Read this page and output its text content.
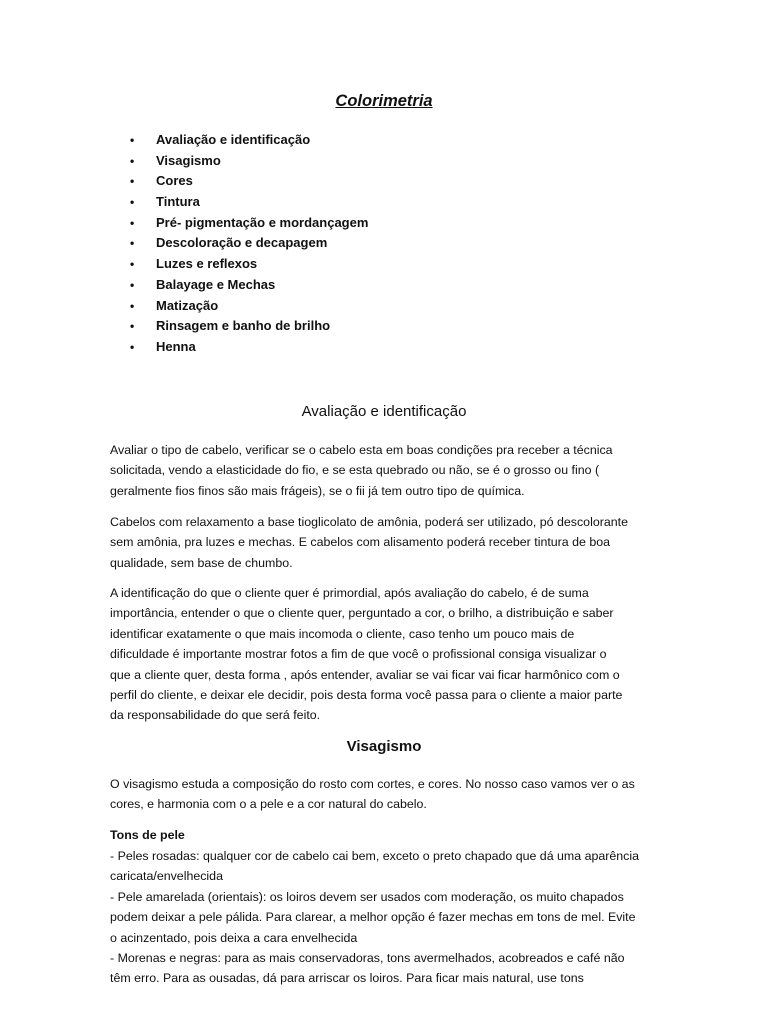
Colorimetria
• Avaliação e identificação
• Visagismo
• Cores
• Tintura
• Pré- pigmentação e mordançagem
• Descoloração e decapagem
• Luzes e reflexos
• Balayage e Mechas
• Matização
• Rinsagem e banho de brilho
• Henna
Avaliação e identificação
Avaliar o tipo de cabelo, verificar se o cabelo esta em boas condições pra receber a técnica
solicitada, vendo a elasticidade do fio, e se esta quebrado ou não, se é o grosso ou fino (
geralmente fios finos são mais frágeis), se o fii já tem outro tipo de química.
Cabelos com relaxamento a base tioglicolato de amônia, poderá ser utilizado, pó descolorante
sem amônia, pra luzes e mechas. E cabelos com alisamento poderá receber tintura de boa
qualidade, sem base de chumbo.
A identificação do que o cliente quer é primordial, após avaliação do cabelo, é de suma
importância, entender o que o cliente quer, perguntado a cor, o brilho, a distribuição e saber
identificar exatamente o que mais incomoda o cliente, caso tenho um pouco mais de
dificuldade é importante mostrar fotos a fim de que você o profissional consiga visualizar o
que a cliente quer, desta forma , após entender, avaliar se vai ficar vai ficar harmônico com o
perfil do cliente, e deixar ele decidir, pois desta forma você passa para o cliente a maior parte
da responsabilidade do que será feito.
Visagismo
O visagismo estuda a composição do rosto com cortes, e cores. No nosso caso vamos ver o as
cores, e harmonia com o a pele e a cor natural do cabelo.
Tons de pele
- Peles rosadas: qualquer cor de cabelo cai bem, exceto o preto chapado que dá uma aparência
caricata/envelhecida
- Pele amarelada (orientais): os loiros devem ser usados com moderação, os muito chapados
podem deixar a pele pálida. Para clarear, a melhor opção é fazer mechas em tons de mel. Evite
o acinzentado, pois deixa a cara envelhecida
- Morenas e negras: para as mais conservadoras, tons avermelhados, acobreados e café não
têm erro. Para as ousadas, dá para arriscar os loiros. Para ficar mais natural, use tons
